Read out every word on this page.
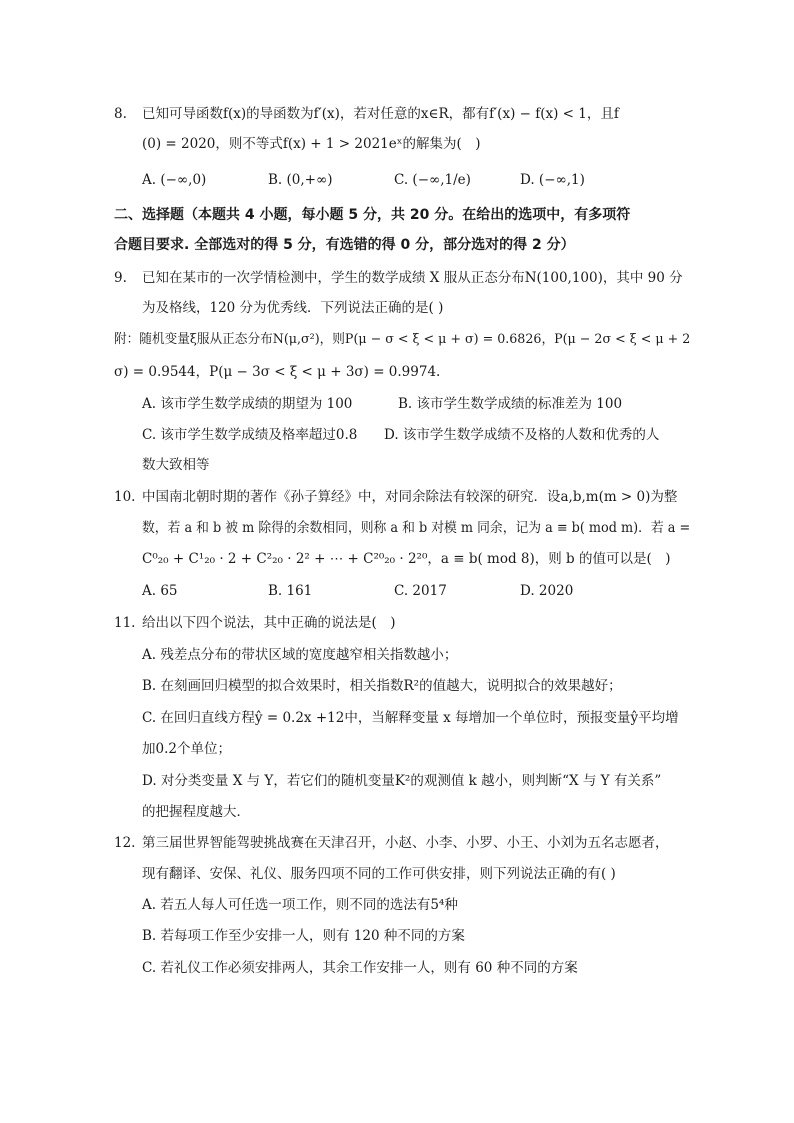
8. 已知可导函数f(x)的导函数为f′(x)，若对任意的x∈R，都有f′(x) − f(x) < 1，且f
(0) = 2020，则不等式f(x) + 1 > 2021eˣ的解集为(　)
A. (−∞,0)	B. (0,+∞)	C. (−∞,1/e)	D. (−∞,1)
二、选择题（本题共 4 小题，每小题 5 分，共 20 分。在给出的选项中，有多项符
合题目要求. 全部选对的得 5 分，有选错的得 0 分，部分选对的得 2 分）
9. 已知在某市的一次学情检测中，学生的数学成绩 X 服从正态分布N(100,100)，其中 90 分
为及格线，120 分为优秀线．下列说法正确的是( )
附：随机变量ξ服从正态分布N(μ,σ²)，则P(μ − σ < ξ < μ + σ) = 0.6826，P(μ − 2σ < ξ < μ + 2
σ) = 0.9544，P(μ − 3σ < ξ < μ + 3σ) = 0.9974.
A. 该市学生数学成绩的期望为 100	B. 该市学生数学成绩的标准差为 100
C. 该市学生数学成绩及格率超过0.8 D. 该市学生数学成绩不及格的人数和优秀的人
数大致相等
10. 中国南北朝时期的著作《孙子算经》中，对同余除法有较深的研究．设a,b,m(m > 0)为整
数，若 a 和 b 被 m 除得的余数相同，则称 a 和 b 对模 m 同余，记为 a ≡ b( mod m)．若 a =
C⁰₂₀ + C¹₂₀ · 2 + C²₂₀ · 2² + ⋯ + C²⁰₂₀ · 2²⁰，a ≡ b( mod 8)，则 b 的值可以是(　)
A. 65	B. 161	C. 2017	D. 2020
11. 给出以下四个说法，其中正确的说法是(　)
A. 残差点分布的带状区域的宽度越窄相关指数越小；
B. 在刻画回归模型的拟合效果时，相关指数R²的值越大，说明拟合的效果越好；
C. 在回归直线方程ŷ = 0.2x +12中，当解释变量 x 每增加一个单位时，预报变量ŷ平均增
加0.2个单位；
D. 对分类变量 X 与 Y，若它们的随机变量K²的观测值 k 越小，则判断“X 与 Y 有关系”
的把握程度越大．
12. 第三届世界智能驾驶挑战赛在天津召开，小赵、小李、小罗、小王、小刘为五名志愿者，
现有翻译、安保、礼仪、服务四项不同的工作可供安排，则下列说法正确的有( )
A. 若五人每人可任选一项工作，则不同的选法有5⁴种
B. 若每项工作至少安排一人，则有 120 种不同的方案
C. 若礼仪工作必须安排两人，其余工作安排一人，则有 60 种不同的方案
